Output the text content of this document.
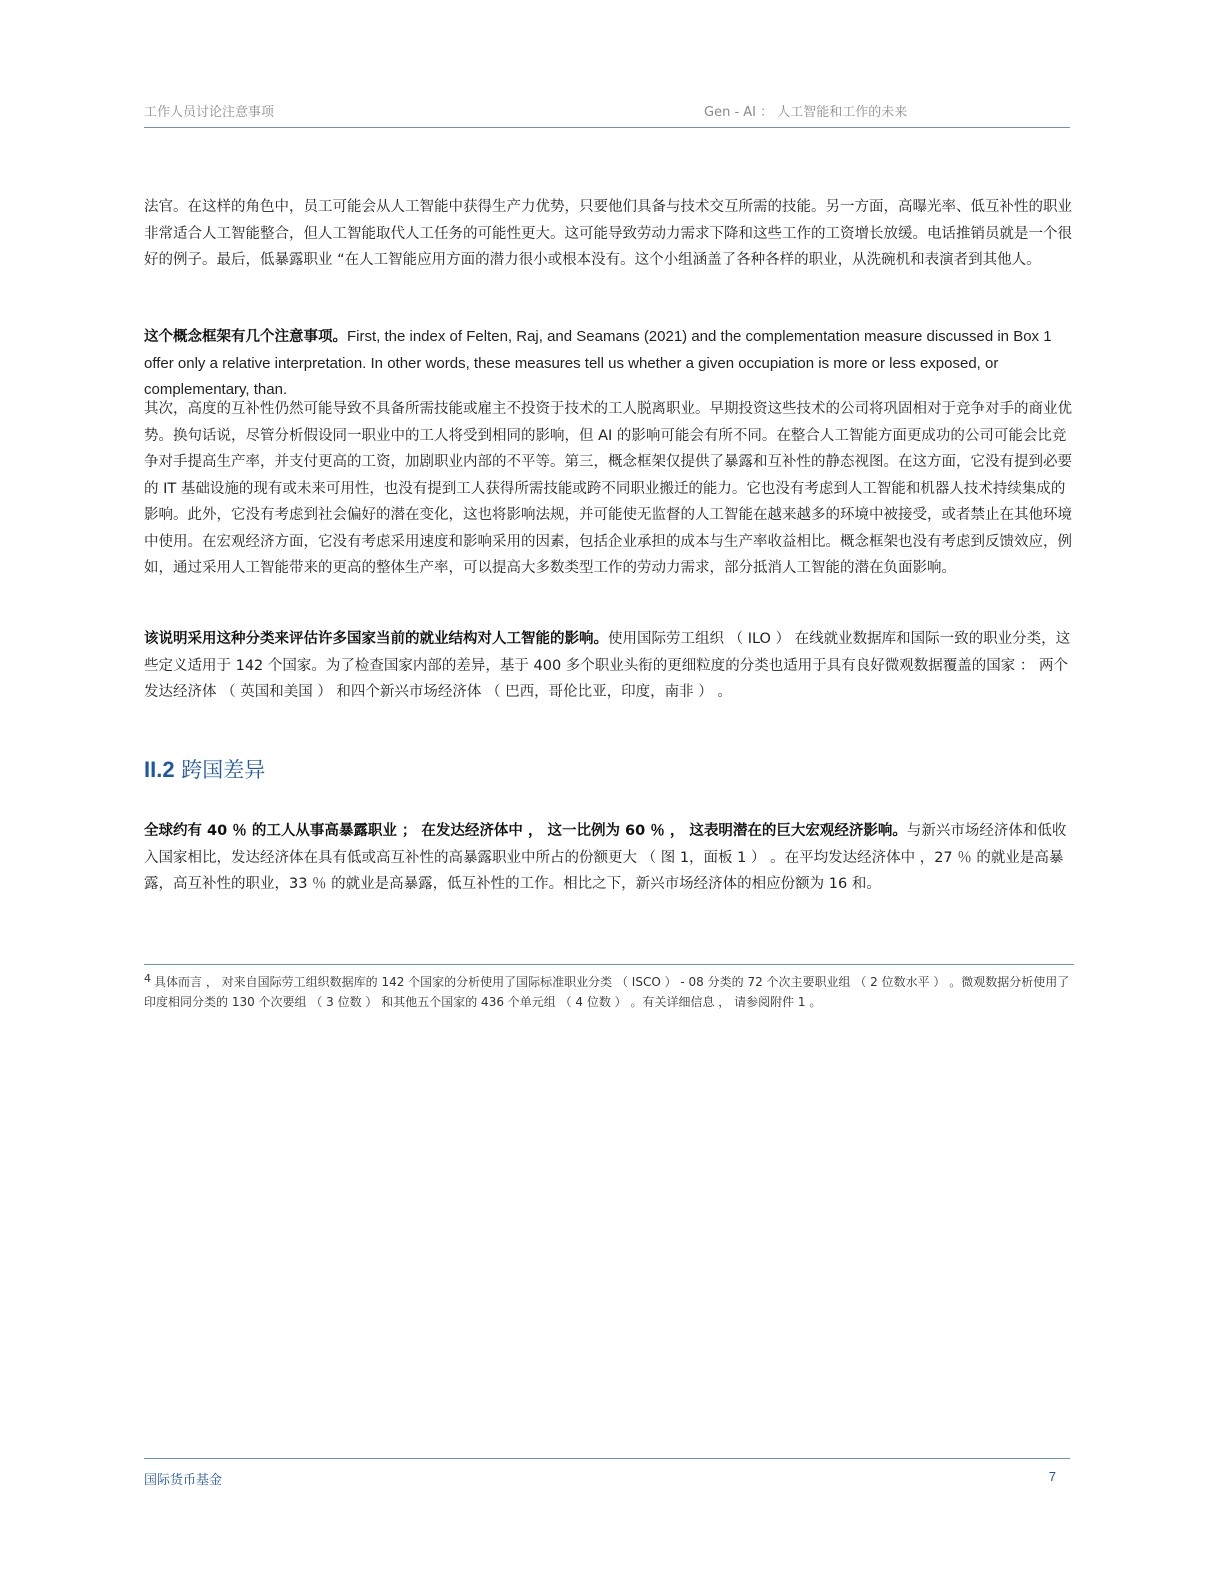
工作人员讨论注意事项	Gen - AI ： 人工智能和工作的未来
法官。在这样的角色中，员工可能会从人工智能中获得生产力优势，只要他们具备与技术交互所需的技能。另一方面，高曝光率、低互补性的职业非常适合人工智能整合，但人工智能取代人工任务的可能性更大。这可能导致劳动力需求下降和这些工作的工资增长放缓。电话推销员就是一个很好的例子。最后，低暴露职业 “在人工智能应用方面的潜力很小或根本没有。这个小组涵盖了各种各样的职业，从洗碗机和表演者到其他人。
这个概念框架有几个注意事项。First, the index of Felten, Raj, and Seamans (2021) and the complementation measure discussed in Box 1 offer only a relative interpretation. In other words, these measures tell us whether a given occupiation is more or less exposed, or complementary, than.
其次，高度的互补性仍然可能导致不具备所需技能或雇主不投资于技术的工人脱离职业。早期投资这些技术的公司将巩固相对于竞争对手的商业优势。换句话说，尽管分析假设同一职业中的工人将受到相同的影响，但 AI 的影响可能会有所不同。在整合人工智能方面更成功的公司可能会比竞争对手提高生产率，并支付更高的工资，加剧职业内部的不平等。第三，概念框架仅提供了暴露和互补性的静态视图。在这方面，它没有提到必要的 IT 基础设施的现有或未来可用性，也没有提到工人获得所需技能或跨不同职业搬迁的能力。它也没有考虑到人工智能和机器人技术持续集成的影响。此外，它没有考虑到社会偏好的潜在变化，这也将影响法规，并可能使无监督的人工智能在越来越多的环境中被接受，或者禁止在其他环境中使用。在宏观经济方面，它没有考虑采用速度和影响采用的因素，包括企业承担的成本与生产率收益相比。概念框架也没有考虑到反馈效应，例如，通过采用人工智能带来的更高的整体生产率，可以提高大多数类型工作的劳动力需求，部分抵消人工智能的潜在负面影响。
该说明采用这种分类来评估许多国家当前的就业结构对人工智能的影响。使用国际劳工组织 （ ILO ） 在线就业数据库和国际一致的职业分类，这些定义适用于 142 个国家。为了检查国家内部的差异，基于 400 多个职业头衔的更细粒度的分类也适用于具有良好微观数据覆盖的国家 ： 两个发达经济体 （ 英国和美国 ） 和四个新兴市场经济体 （ 巴西，哥伦比亚，印度，南非 ） 。
II.2 跨国差异
全球约有 40 ％ 的工人从事高暴露职业 ； 在发达经济体中 ， 这一比例为 60 ％ ， 这表明潜在的巨大宏观经济影响。与新兴市场经济体和低收入国家相比，发达经济体在具有低或高互补性的高暴露职业中所占的份额更大 （ 图 1，面板 1 ） 。在平均发达经济体中 ，27 ％ 的就业是高暴露，高互补性的职业，33 ％ 的就业是高暴露，低互补性的工作。相比之下，新兴市场经济体的相应份额为 16 和。
$^4$ 具体而言 ， 对来自国际劳工组织数据库的 142 个国家的分析使用了国际标准职业分类 （ ISCO ） - 08 分类的 72 个次主要职业组 （ 2 位数水平 ） 。微观数据分析使用了印度相同分类的 130 个次要组 （ 3 位数 ） 和其他五个国家的 436 个单元组 （ 4 位数 ） 。有关详细信息 ， 请参阅附件 1 。
国际货币基金	7
